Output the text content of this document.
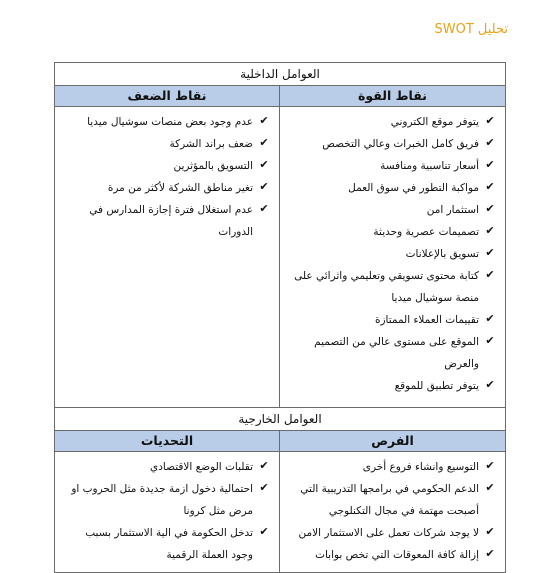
تحليل SWOT
العوامل الداخلية
نقاط القوة
نقاط الضعف
✔
يتوفر موقع الكتروني
✔
فريق كامل الخبرات وعالي التخصص
✔
أسعار تناسبية ومنافسة
✔
مواكبة التطور في سوق العمل
✔
استثمار امن
✔
تصميمات عصرية وحديثة
✔
تسويق بالإعلانات
✔
كتابة محتوى تسويقي وتعليمي واثرائي على منصة سوشيال ميديا
✔
تقييمات العملاء الممتازة
✔
الموقع على مستوى عالي من التصميم والعرض
✔
يتوفر تطبيق للموقع
✔
عدم وجود بعض منصات سوشيال ميديا
✔
ضعف براند الشركة
✔
التسويق بالمؤثرين
✔
تغير مناطق الشركة لأكثر من مرة
✔
عدم استغلال فترة إجازة المدارس في الدورات
العوامل الخارجية
الفرص
التحديات
✔
التوسيع وانشاء فروع أخرى
✔
الدعم الحكومي في برامجها التدريبية التي أصبحت مهتمة في مجال التكنلوجي
✔
لا يوجد شركات تعمل على الاستثمار الامن
✔
إزالة كافة المعوقات التي تخص بوابات
✔
تقلبات الوضع الاقتصادي
✔
احتمالية دخول ازمة جديدة مثل الحروب او مرض مثل كرونا
✔
تدخل الحكومة في الية الاستثمار بسبب وجود العملة الرقمية
